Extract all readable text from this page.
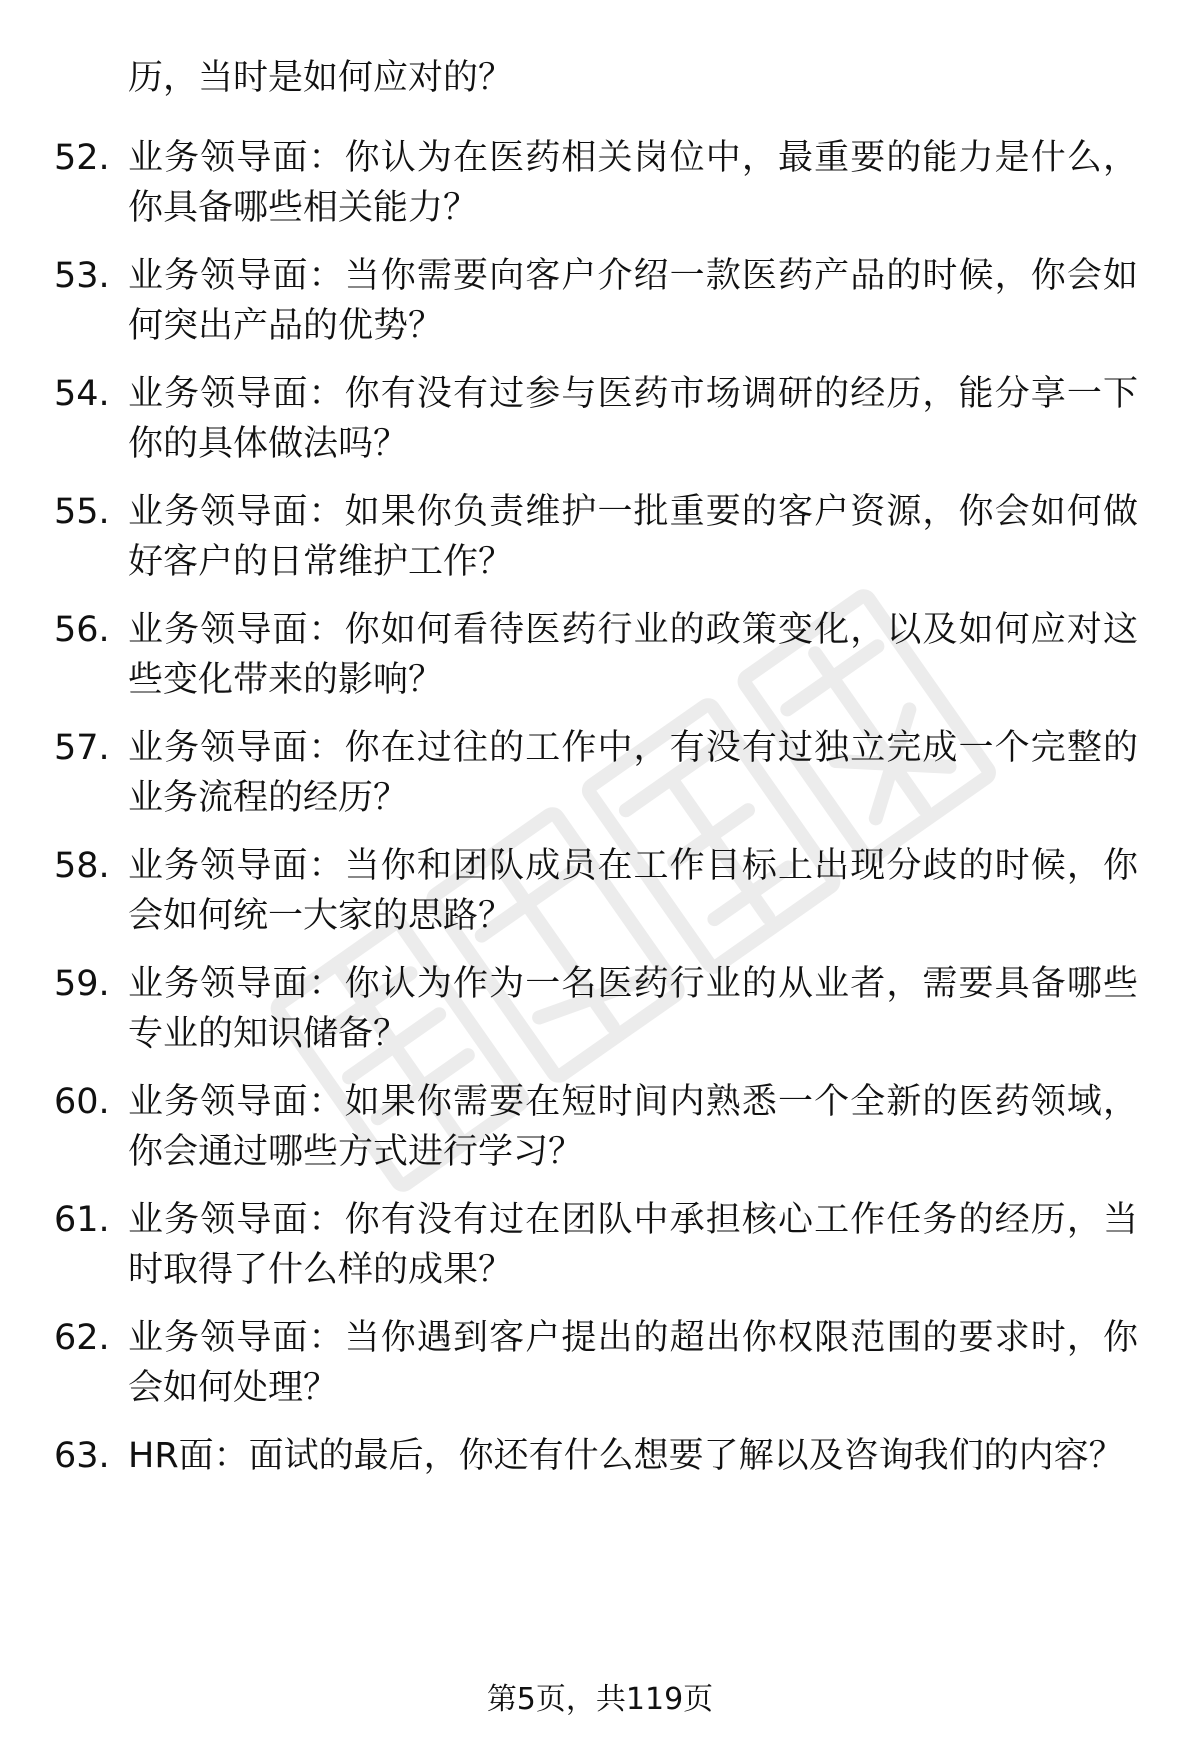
历，当时是如何应对的？
52. 业务领导面：你认为在医药相关岗位中，最重要的能力是什么，你具备哪些相关能力？
53. 业务领导面：当你需要向客户介绍一款医药产品的时候，你会如何突出产品的优势？
54. 业务领导面：你有没有过参与医药市场调研的经历，能分享一下你的具体做法吗？
55. 业务领导面：如果你负责维护一批重要的客户资源，你会如何做好客户的日常维护工作？
56. 业务领导面：你如何看待医药行业的政策变化，以及如何应对这些变化带来的影响？
57. 业务领导面：你在过往的工作中，有没有过独立完成一个完整的业务流程的经历？
58. 业务领导面：当你和团队成员在工作目标上出现分歧的时候，你会如何统一大家的思路？
59. 业务领导面：你认为作为一名医药行业的从业者，需要具备哪些专业的知识储备？
60. 业务领导面：如果你需要在短时间内熟悉一个全新的医药领域，你会通过哪些方式进行学习？
61. 业务领导面：你有没有过在团队中承担核心工作任务的经历，当时取得了什么样的成果？
62. 业务领导面：当你遇到客户提出的超出你权限范围的要求时，你会如何处理？
63. HR面：面试的最后，你还有什么想要了解以及咨询我们的内容？
第5页，共119页
